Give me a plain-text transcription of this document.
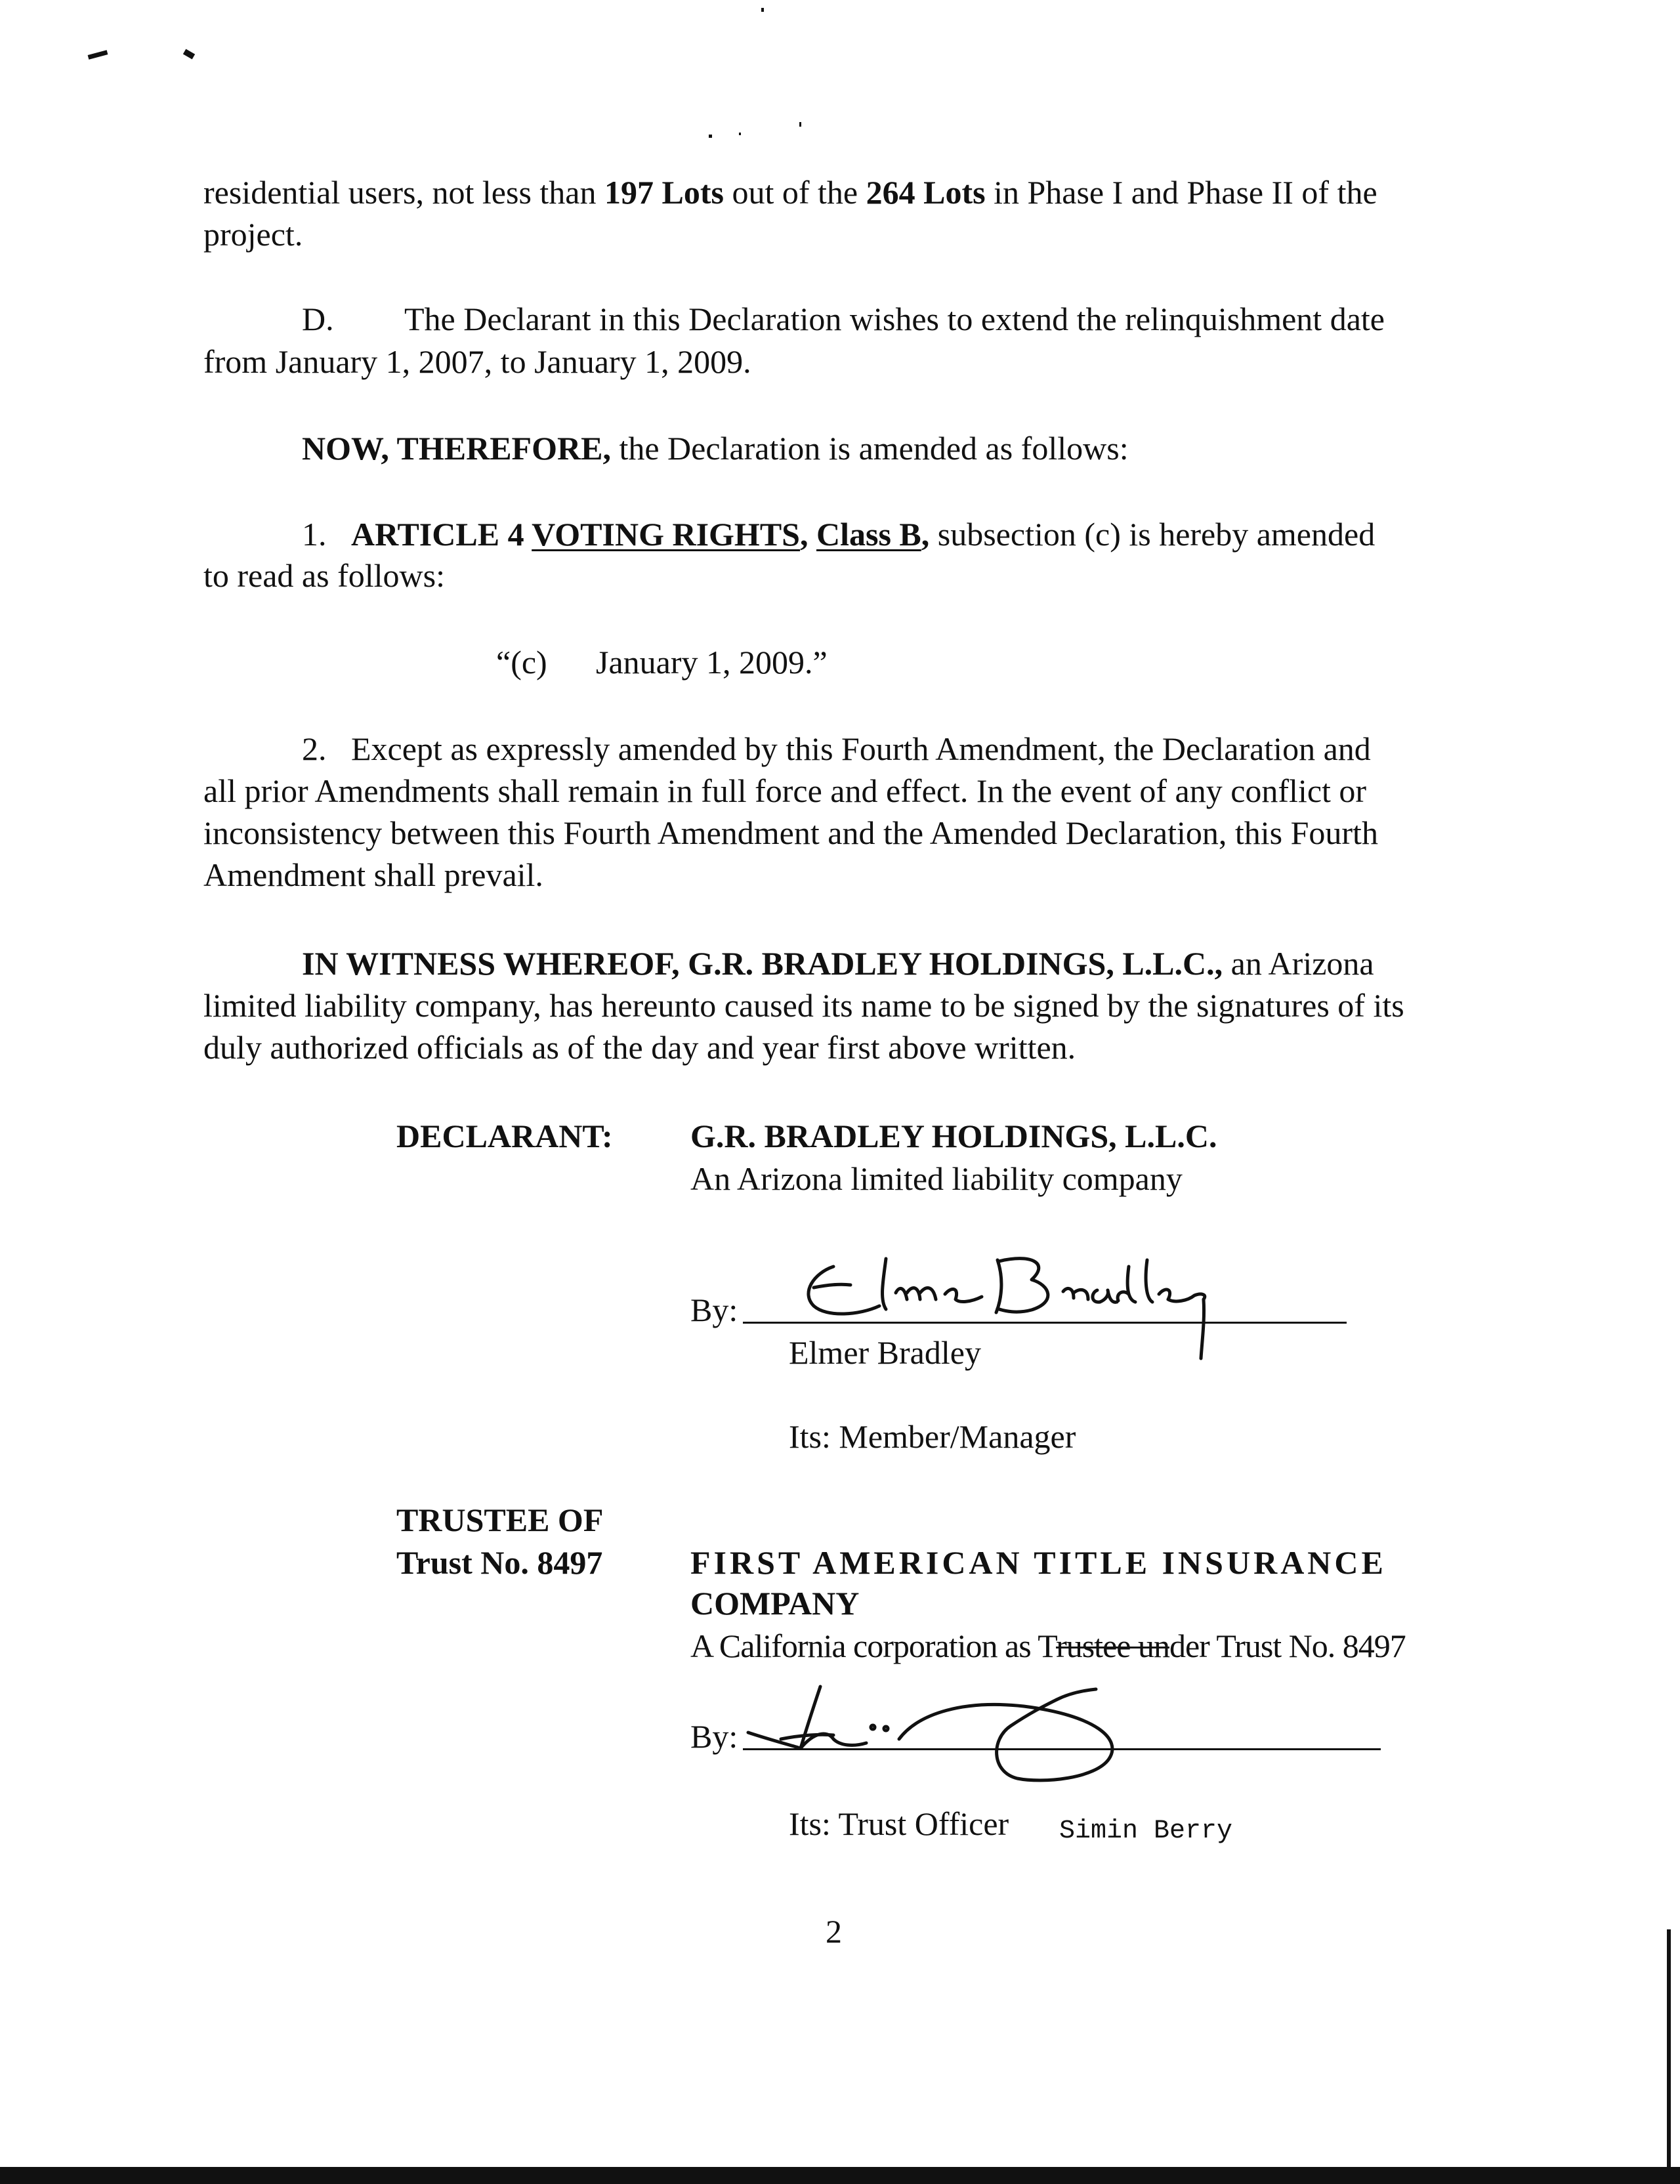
residential users, not less than 197 Lots out of the 264 Lots in Phase I and Phase II of the
project.
D. The Declarant in this Declaration wishes to extend the relinquishment date
from January 1, 2007, to January 1, 2009.
NOW, THEREFORE, the Declaration is amended as follows:
1. ARTICLE 4 VOTING RIGHTS, Class B, subsection (c) is hereby amended
to read as follows:
“(c) January 1, 2009.”
2. Except as expressly amended by this Fourth Amendment, the Declaration and
all prior Amendments shall remain in full force and effect. In the event of any conflict or
inconsistency between this Fourth Amendment and the Amended Declaration, this Fourth
Amendment shall prevail.
IN WITNESS WHEREOF, G.R. BRADLEY HOLDINGS, L.L.C., an Arizona
limited liability company, has hereunto caused its name to be signed by the signatures of its
duly authorized officials as of the day and year first above written.
DECLARANT: G.R. BRADLEY HOLDINGS, L.L.C.
An Arizona limited liability company
By:
Elmer Bradley
Its: Member/Manager
TRUSTEE OF
Trust No. 8497	FIRST AMERICAN TITLE INSURANCE
COMPANY
A California corporation as Trustee under Trust No. 8497
By:
Its: Trust Officer Simin Berry
2
